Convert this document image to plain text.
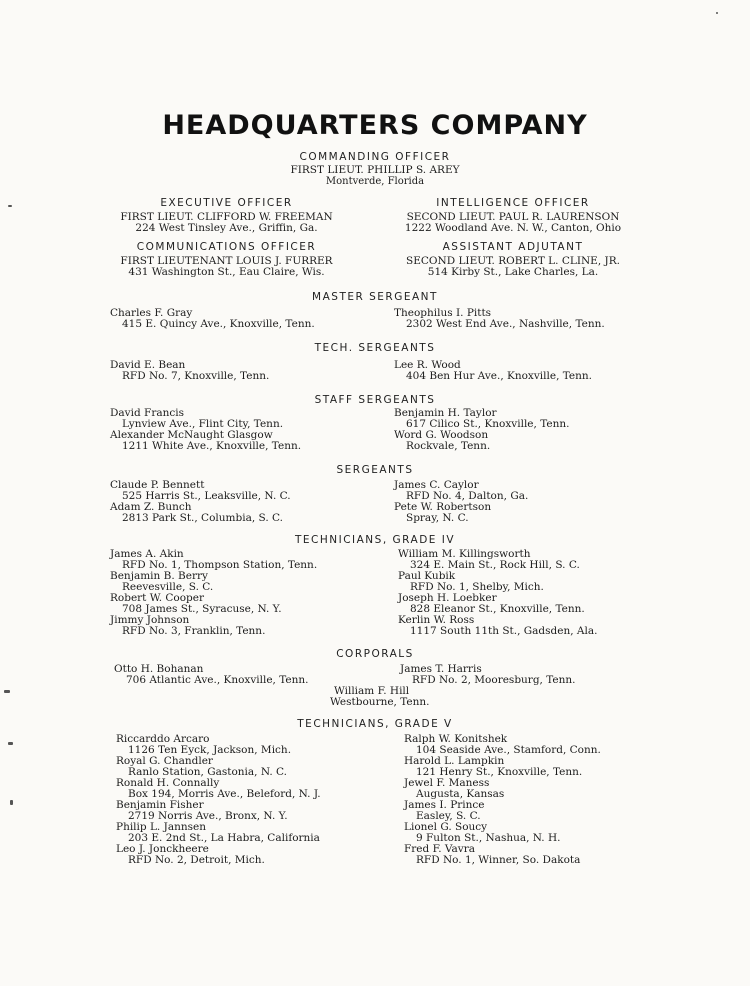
HEADQUARTERS COMPANY
COMMANDING OFFICER
FIRST LIEUT. PHILLIP S. AREY
Montverde, Florida
EXECUTIVE OFFICER
FIRST LIEUT. CLIFFORD W. FREEMAN
224 West Tinsley Ave., Griffin, Ga.
INTELLIGENCE OFFICER
SECOND LIEUT. PAUL R. LAURENSON
1222 Woodland Ave. N. W., Canton, Ohio
COMMUNICATIONS OFFICER
FIRST LIEUTENANT LOUIS J. FURRER
431 Washington St., Eau Claire, Wis.
ASSISTANT ADJUTANT
SECOND LIEUT. ROBERT L. CLINE, JR.
514 Kirby St., Lake Charles, La.
MASTER SERGEANT
Charles F. Gray
415 E. Quincy Ave., Knoxville, Tenn.
Theophilus I. Pitts
2302 West End Ave., Nashville, Tenn.
TECH. SERGEANTS
David E. Bean
RFD No. 7, Knoxville, Tenn.
Lee R. Wood
404 Ben Hur Ave., Knoxville, Tenn.
STAFF SERGEANTS
David Francis
Lynview Ave., Flint City, Tenn.
Alexander McNaught Glasgow
1211 White Ave., Knoxville, Tenn.
Benjamin H. Taylor
617 Cilico St., Knoxville, Tenn.
Word G. Woodson
Rockvale, Tenn.
SERGEANTS
Claude P. Bennett
525 Harris St., Leaksville, N. C.
Adam Z. Bunch
2813 Park St., Columbia, S. C.
James C. Caylor
RFD No. 4, Dalton, Ga.
Pete W. Robertson
Spray, N. C.
TECHNICIANS, GRADE IV
James A. Akin
RFD No. 1, Thompson Station, Tenn.
Benjamin B. Berry
Reevesville, S. C.
Robert W. Cooper
708 James St., Syracuse, N. Y.
Jimmy Johnson
RFD No. 3, Franklin, Tenn.
William M. Killingsworth
324 E. Main St., Rock Hill, S. C.
Paul Kubik
RFD No. 1, Shelby, Mich.
Joseph H. Loebker
828 Eleanor St., Knoxville, Tenn.
Kerlin W. Ross
1117 South 11th St., Gadsden, Ala.
CORPORALS
Otto H. Bohanan
706 Atlantic Ave., Knoxville, Tenn.
James T. Harris
RFD No. 2, Mooresburg, Tenn.
William F. Hill
Westbourne, Tenn.
TECHNICIANS, GRADE V
Riccarddo Arcaro
1126 Ten Eyck, Jackson, Mich.
Royal G. Chandler
Ranlo Station, Gastonia, N. C.
Ronald H. Connally
Box 194, Morris Ave., Beleford, N. J.
Benjamin Fisher
2719 Norris Ave., Bronx, N. Y.
Philip L. Jannsen
203 E. 2nd St., La Habra, California
Leo J. Jonckheere
RFD No. 2, Detroit, Mich.
Ralph W. Konitshek
104 Seaside Ave., Stamford, Conn.
Harold L. Lampkin
121 Henry St., Knoxville, Tenn.
Jewel F. Maness
Augusta, Kansas
James I. Prince
Easley, S. C.
Lionel G. Soucy
9 Fulton St., Nashua, N. H.
Fred F. Vavra
RFD No. 1, Winner, So. Dakota
